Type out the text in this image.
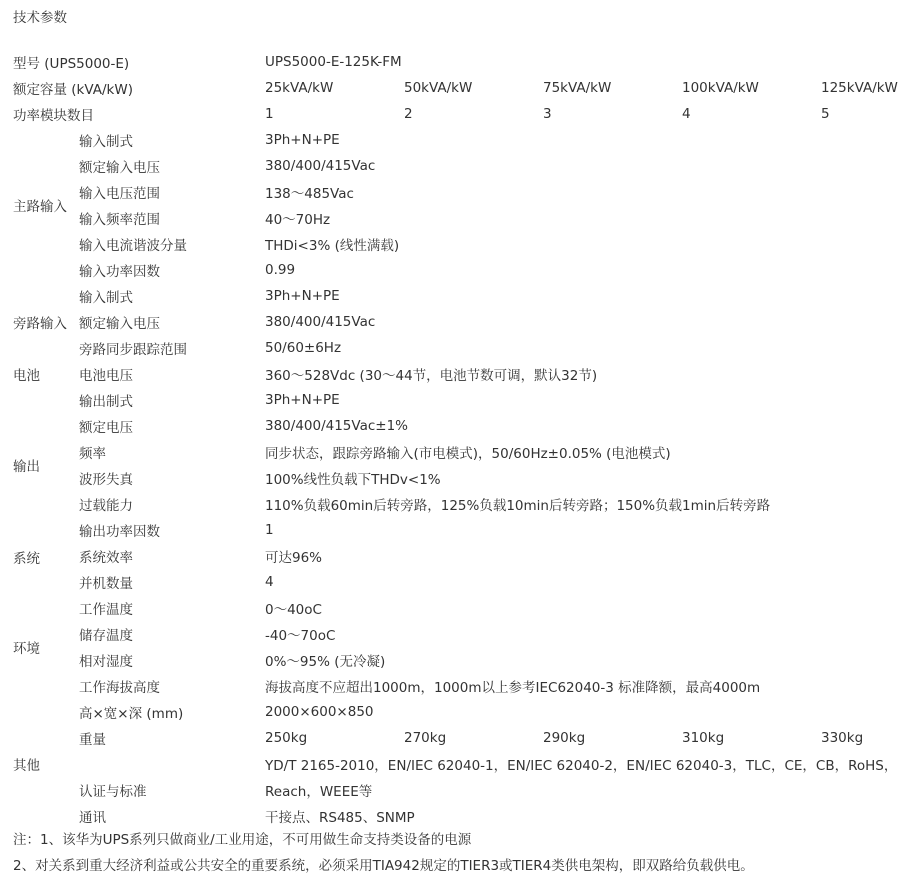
技术参数
型号 (UPS5000-E)		UPS5000-E-125K-FM				
额定容量 (kVA/kW)		25kVA/kW	50kVA/kW	75kVA/kW	100kVA/kW	125kVA/kW
功率模块数目		1	2	3	4	5
主路输入	输入制式	3Ph+N+PE				
	额定输入电压	380/400/415Vac				
	输入电压范围	138～485Vac				
	输入频率范围	40～70Hz				
	输入电流谐波分量	THDi<3% (线性满载)				
	输入功率因数	0.99				
旁路输入	输入制式	3Ph+N+PE				
	额定输入电压	380/400/415Vac				
	旁路同步跟踪范围	50/60±6Hz				
电池	电池电压	360～528Vdc (30～44节，电池节数可调，默认32节)				
输出	输出制式	3Ph+N+PE				
	额定电压	380/400/415Vac±1%				
	频率	同步状态，跟踪旁路输入(市电模式)，50/60Hz±0.05% (电池模式)				
	波形失真	100%线性负载下THDv<1%				
	过载能力	110%负载60min后转旁路，125%负载10min后转旁路；150%负载1min后转旁路				
	输出功率因数	1				
系统	系统效率	可达96%				
	并机数量	4				
环境	工作温度	0～40oC				
	储存温度	-40～70oC				
	相对湿度	0%～95% (无冷凝)				
	工作海拔高度	海拔高度不应超出1000m，1000m以上参考IEC62040-3 标准降额，最高4000m				
其他	高×宽×深 (mm)	2000×600×850				
	重量	250kg	270kg	290kg	310kg	330kg
		YD/T 2165-2010，EN/IEC 62040-1，EN/IEC 62040-2，EN/IEC 62040-3，TLC，CE，CB，RoHS，				
	认证与标准	Reach，WEEE等				
	通讯	干接点、RS485、SNMP				
注：1、该华为UPS系列只做商业/工业用途，不可用做生命支持类设备的电源
2、对关系到重大经济利益或公共安全的重要系统，必须采用TIA942规定的TIER3或TIER4类供电架构，即双路给负载供电。
